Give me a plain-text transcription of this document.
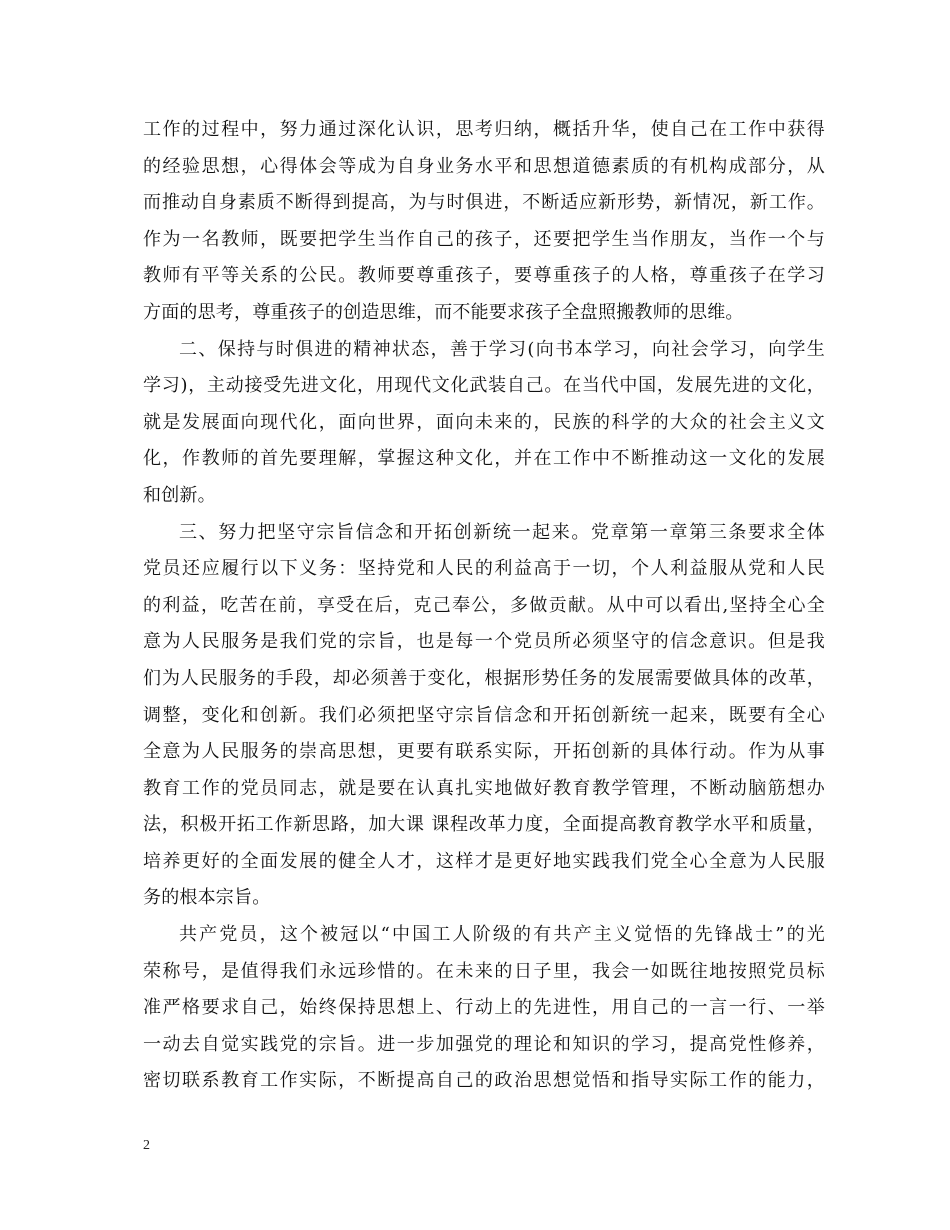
工作的过程中，努力通过深化认识，思考归纳，概括升华，使自己在工作中获得
的经验思想，心得体会等成为自身业务水平和思想道德素质的有机构成部分，从
而推动自身素质不断得到提高，为与时俱进，不断适应新形势，新情况，新工作。
作为一名教师，既要把学生当作自己的孩子，还要把学生当作朋友，当作一个与
教师有平等关系的公民。教师要尊重孩子，要尊重孩子的人格，尊重孩子在学习
方面的思考，尊重孩子的创造思维，而不能要求孩子全盘照搬教师的思维。
二、保持与时俱进的精神状态，善于学习(向书本学习，向社会学习，向学生
学习)，主动接受先进文化，用现代文化武装自己。在当代中国，发展先进的文化，
就是发展面向现代化，面向世界，面向未来的，民族的科学的大众的社会主义文
化，作教师的首先要理解，掌握这种文化，并在工作中不断推动这一文化的发展
和创新。
三、努力把坚守宗旨信念和开拓创新统一起来。党章第一章第三条要求全体
党员还应履行以下义务：坚持党和人民的利益高于一切，个人利益服从党和人民
的利益，吃苦在前，享受在后，克己奉公，多做贡献。从中可以看出,坚持全心全
意为人民服务是我们党的宗旨，也是每一个党员所必须坚守的信念意识。但是我
们为人民服务的手段，却必须善于变化，根据形势任务的发展需要做具体的改革，
调整，变化和创新。我们必须把坚守宗旨信念和开拓创新统一起来，既要有全心
全意为人民服务的崇高思想，更要有联系实际，开拓创新的具体行动。作为从事
教育工作的党员同志，就是要在认真扎实地做好教育教学管理，不断动脑筋想办
法，积极开拓工作新思路，加大课 课程改革力度，全面提高教育教学水平和质量，
培养更好的全面发展的健全人才，这样才是更好地实践我们党全心全意为人民服
务的根本宗旨。
共产党员，这个被冠以“中国工人阶级的有共产主义觉悟的先锋战士”的光
荣称号，是值得我们永远珍惜的。在未来的日子里，我会一如既往地按照党员标
准严格要求自己，始终保持思想上、行动上的先进性，用自己的一言一行、一举
一动去自觉实践党的宗旨。进一步加强党的理论和知识的学习，提高党性修养，
密切联系教育工作实际，不断提高自己的政治思想觉悟和指导实际工作的能力，
2
